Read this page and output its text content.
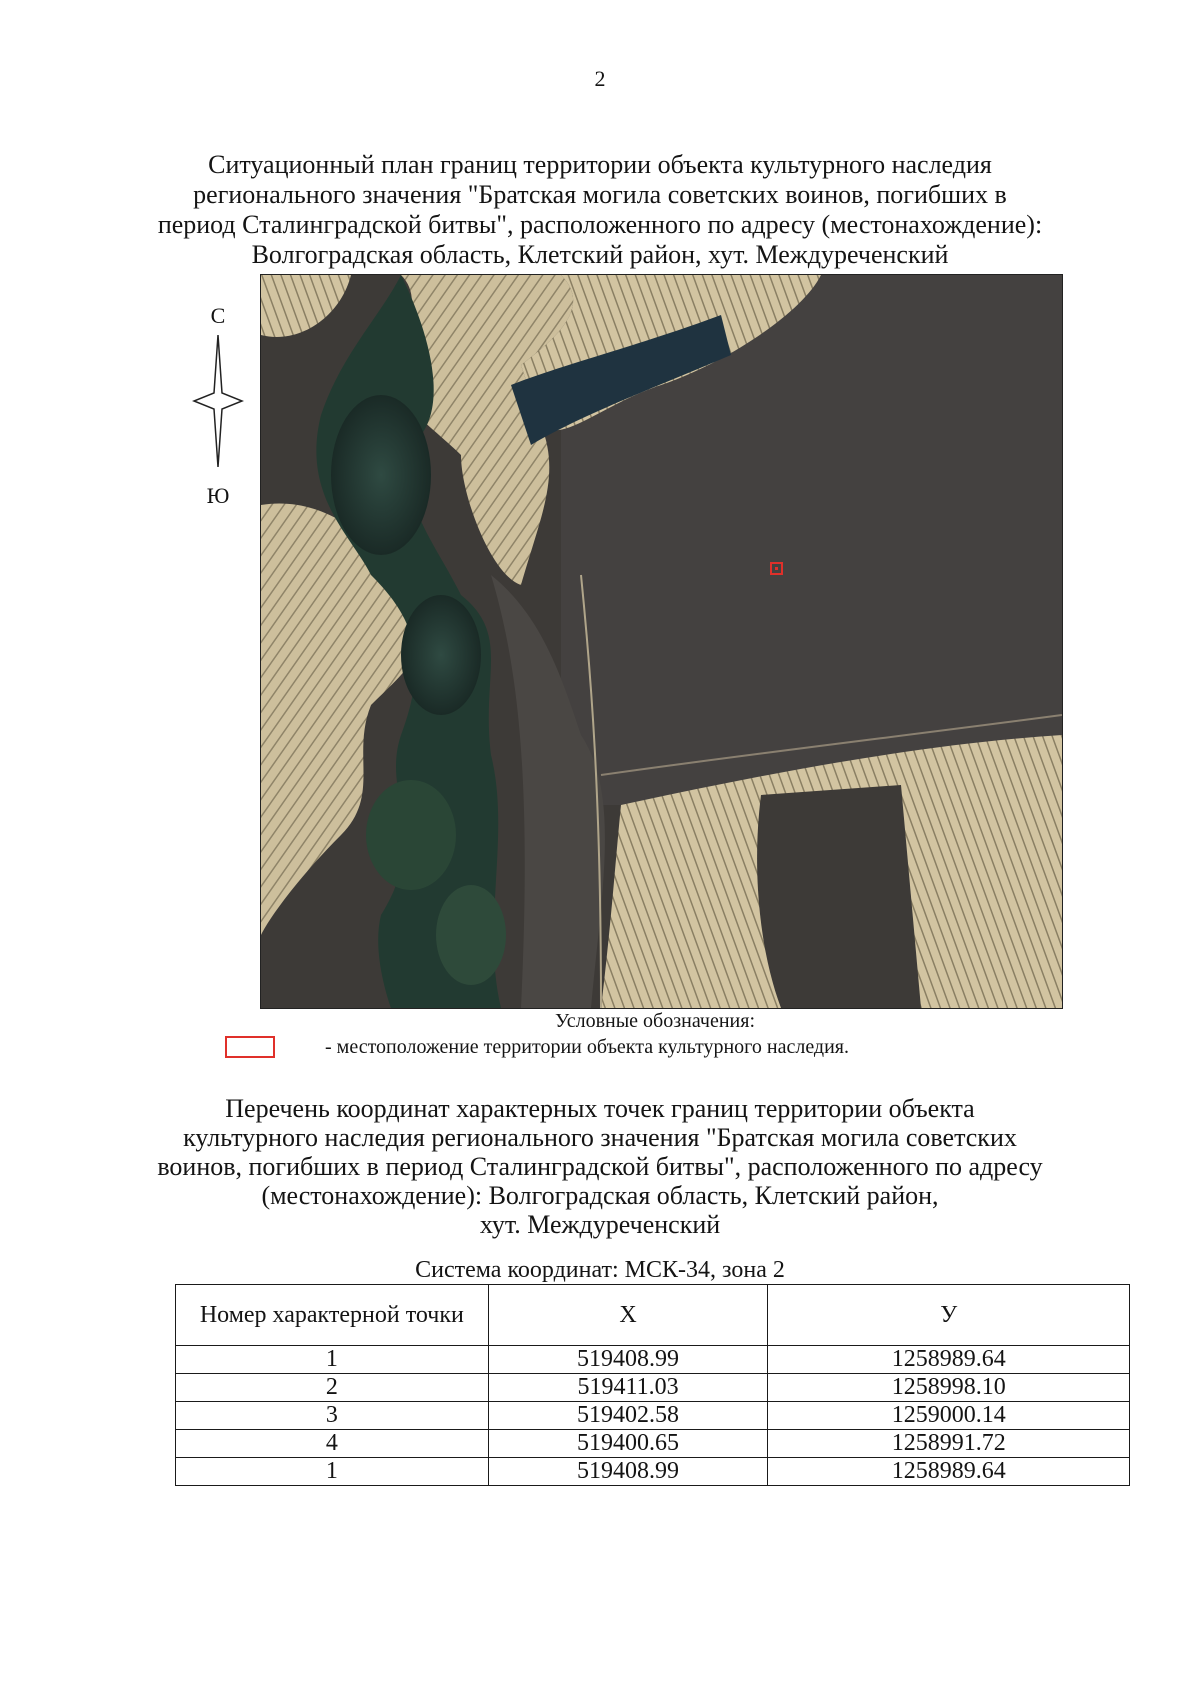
2
Ситуационный план границ территории объекта культурного наследия
регионального значения "Братская могила советских воинов, погибших в
период Сталинградской битвы", расположенного по адресу (местонахождение):
Волгоградская область, Клетский район, хут. Междуреченский
С
Ю
Условные обозначения:
- местоположение территории объекта культурного наследия.
Перечень координат характерных точек границ территории объекта
культурного наследия регионального значения "Братская могила советских
воинов, погибших в период Сталинградской битвы", расположенного по адресу
(местонахождение): Волгоградская область, Клетский район,
хут. Междуреченский
Система координат: МСК-34, зона 2
Номер характерной точки	X	У
1	519408.99	1258989.64
2	519411.03	1258998.10
3	519402.58	1259000.14
4	519400.65	1258991.72
1	519408.99	1258989.64
